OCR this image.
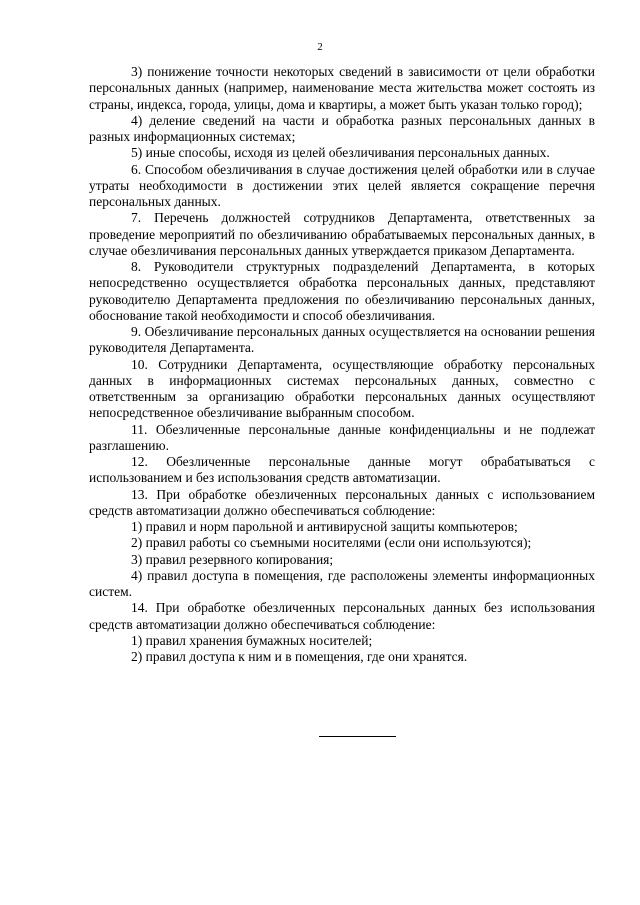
2

3) понижение точности некоторых сведений в зависимости от цели обработки персональных данных (например, наименование места жительства может состоять из страны, индекса, города, улицы, дома и квартиры, а может быть указан только город);

4) деление сведений на части и обработка разных персональных данных в разных информационных системах;

5) иные способы, исходя из целей обезличивания персональных данных.

6. Способом обезличивания в случае достижения целей обработки или в случае утраты необходимости в достижении этих целей является сокращение перечня персональных данных.

7. Перечень должностей сотрудников Департамента, ответственных за проведение мероприятий по обезличиванию обрабатываемых персональных данных, в случае обезличивания персональных данных утверждается приказом Департамента.

8. Руководители структурных подразделений Департамента, в которых непосредственно осуществляется обработка персональных данных, представляют руководителю Департамента предложения по обезличиванию персональных данных, обоснование такой необходимости и способ обезличивания.

9. Обезличивание персональных данных осуществляется на основании решения руководителя Департамента.

10. Сотрудники Департамента, осуществляющие обработку персональных данных в информационных системах персональных данных, совместно с ответственным за организацию обработки персональных данных осуществляют непосредственное обезличивание выбранным способом.

11. Обезличенные персональные данные конфиденциальны и не подлежат разглашению.

12. Обезличенные персональные данные могут обрабатываться с использованием и без использования средств автоматизации.

13. При обработке обезличенных персональных данных с использованием средств автоматизации должно обеспечиваться соблюдение:

1) правил и норм парольной и антивирусной защиты компьютеров;

2) правил работы со съемными носителями (если они используются);

3) правил резервного копирования;

4) правил доступа в помещения, где расположены элементы информационных систем.

14. При обработке обезличенных персональных данных без использования средств автоматизации должно обеспечиваться соблюдение:

1) правил хранения бумажных носителей;

2) правил доступа к ним и в помещения, где они хранятся.
